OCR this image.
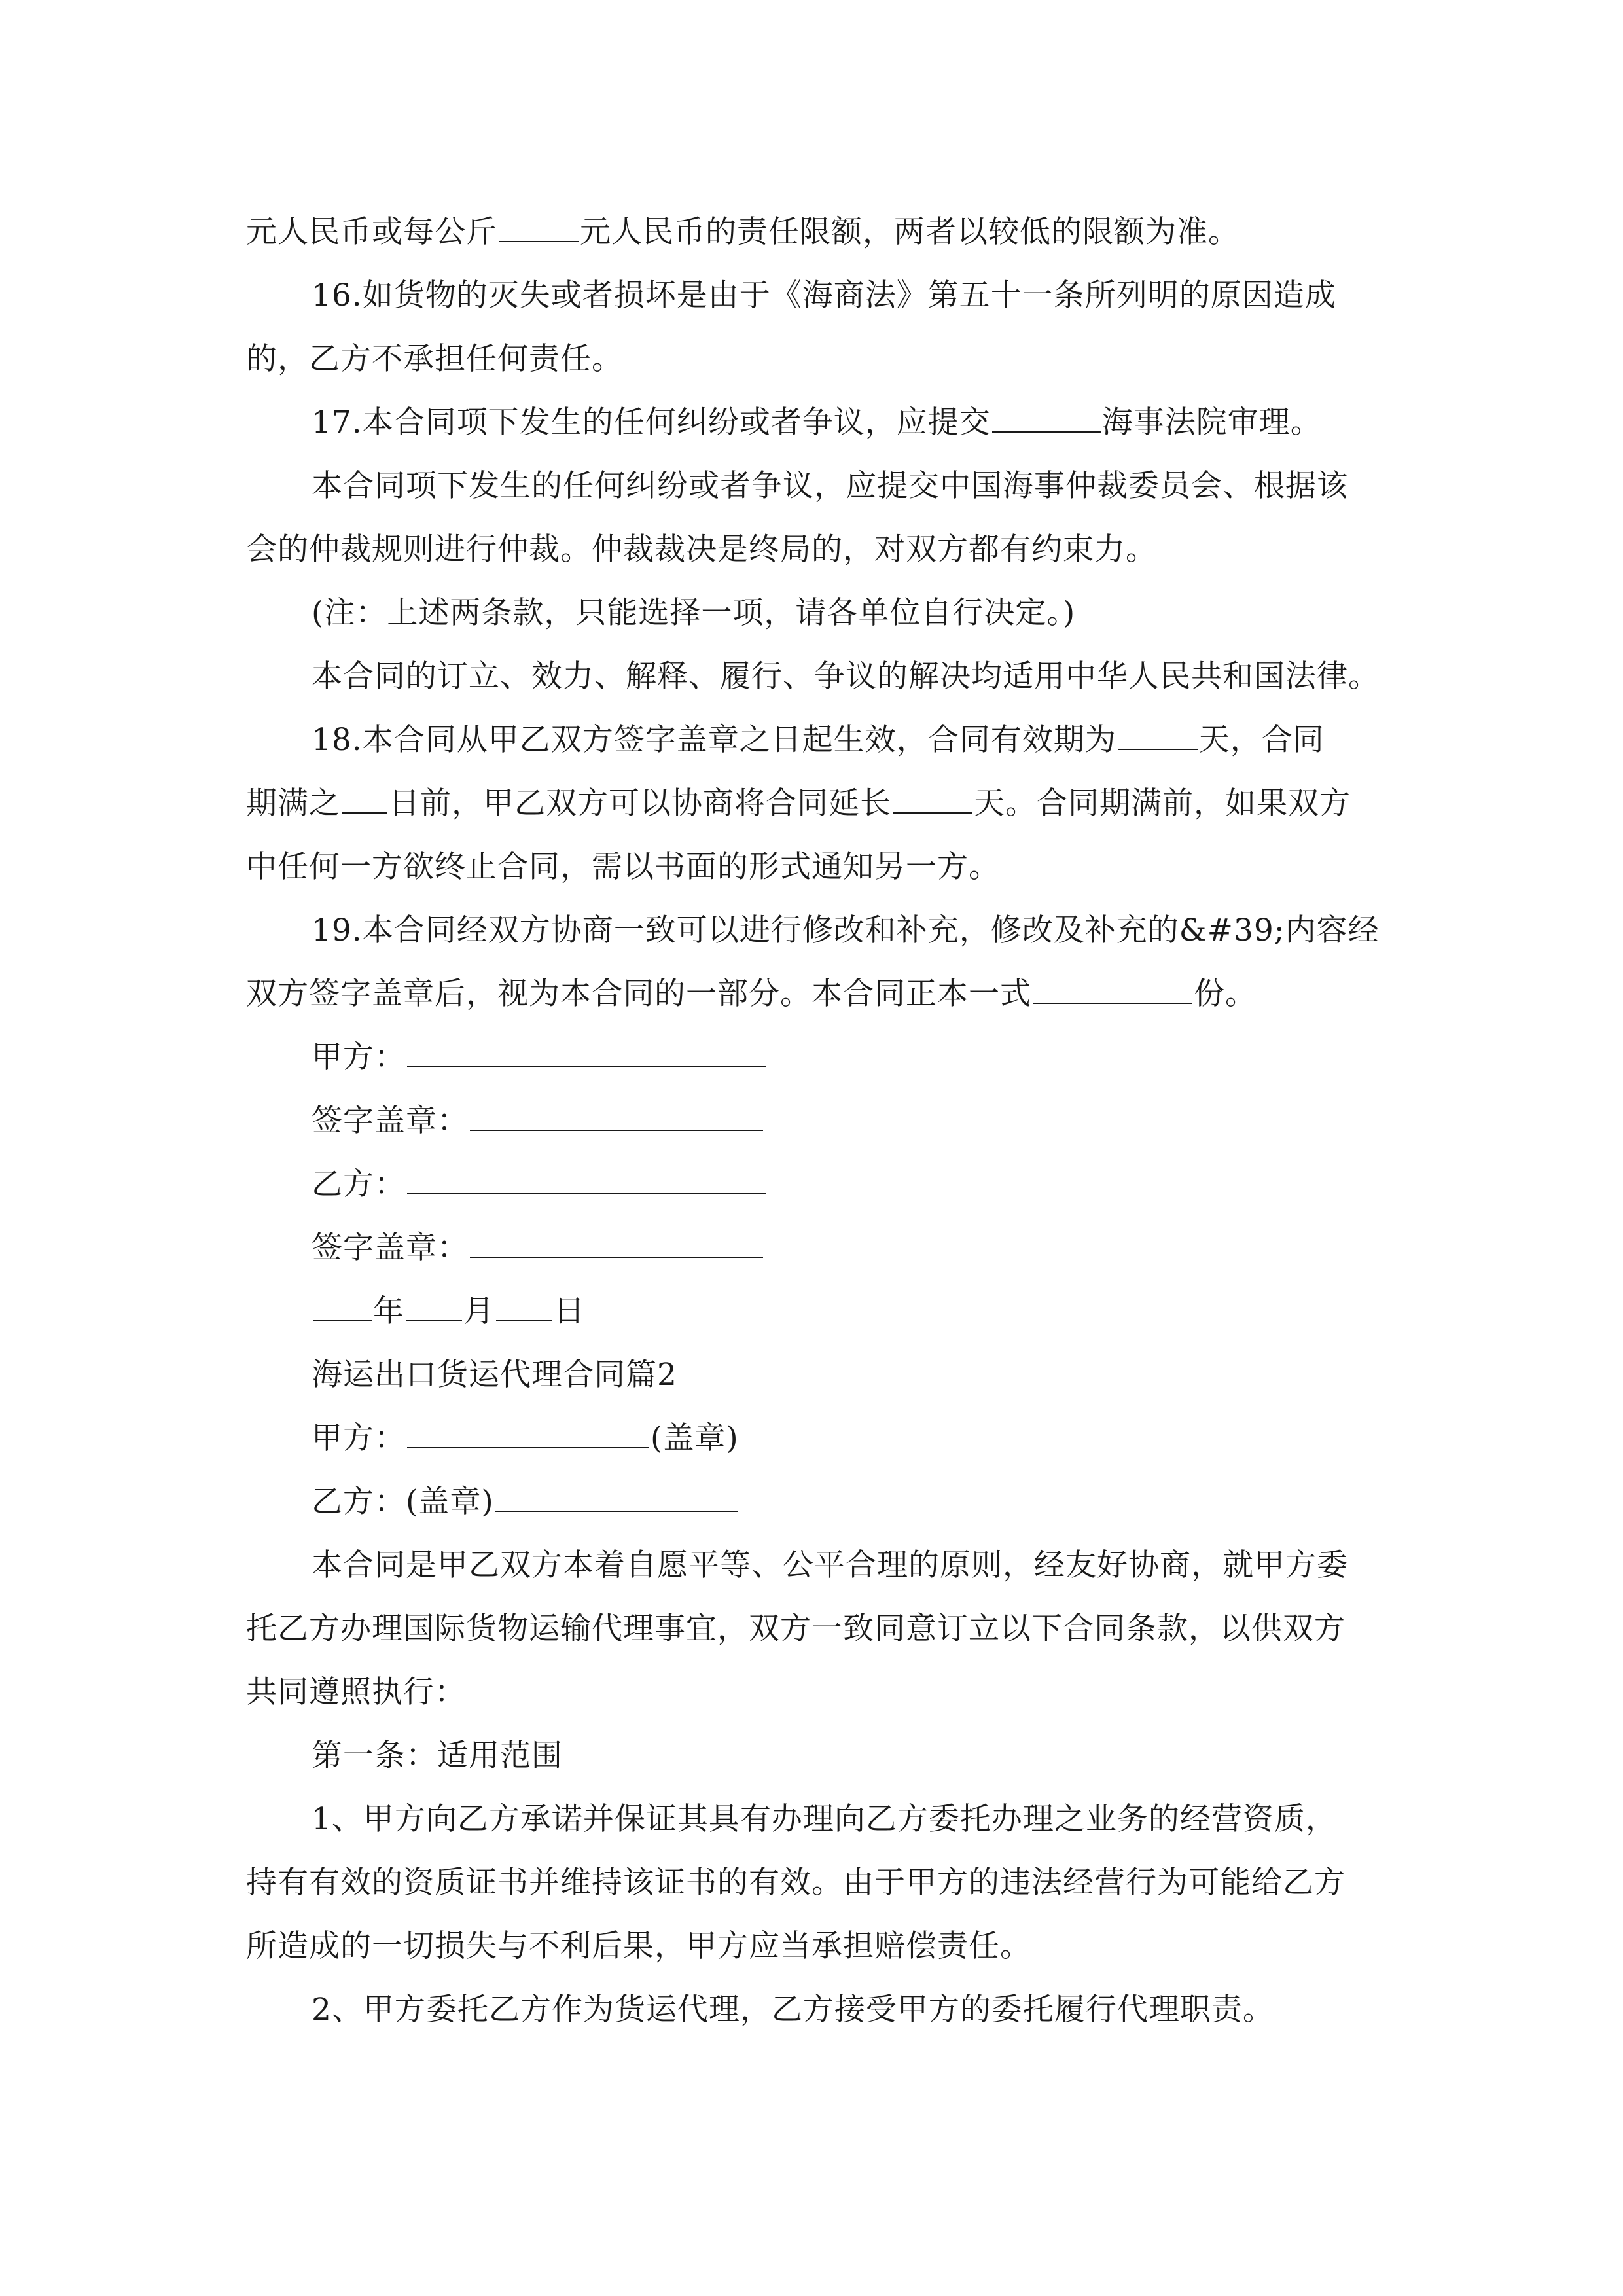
元人民币或每公斤	元人民币的责任限额，两者以较低的限额为准。

16.如货物的灭失或者损坏是由于《海商法》第五十一条所列明的原因造成

的，乙方不承担任何责任。

17.本合同项下发生的任何纠纷或者争议，应提交	海事法院审理。

本合同项下发生的任何纠纷或者争议，应提交中国海事仲裁委员会、根据该

会的仲裁规则进行仲裁。仲裁裁决是终局的，对双方都有约束力。

(注：上述两条款，只能选择一项，请各单位自行决定。)

本合同的订立、效力、解释、履行、争议的解决均适用中华人民共和国法律。

18.本合同从甲乙双方签字盖章之日起生效，合同有效期为	天，合同

期满之 日前，甲乙双方可以协商将合同延长	天。合同期满前，如果双方

中任何一方欲终止合同，需以书面的形式通知另一方。

19.本合同经双方协商一致可以进行修改和补充，修改及补充的&#39;内容经

双方签字盖章后，视为本合同的一部分。本合同正本一式	份。

甲方：

签字盖章：

乙方：

签字盖章：

年 月 日

海运出口货运代理合同篇2

甲方：	(盖章)

乙方：(盖章)

本合同是甲乙双方本着自愿平等、公平合理的原则，经友好协商，就甲方委

托乙方办理国际货物运输代理事宜，双方一致同意订立以下合同条款，以供双方

共同遵照执行：

第一条：适用范围

1、甲方向乙方承诺并保证其具有办理向乙方委托办理之业务的经营资质，

持有有效的资质证书并维持该证书的有效。由于甲方的违法经营行为可能给乙方

所造成的一切损失与不利后果，甲方应当承担赔偿责任。

2、甲方委托乙方作为货运代理，乙方接受甲方的委托履行代理职责。
